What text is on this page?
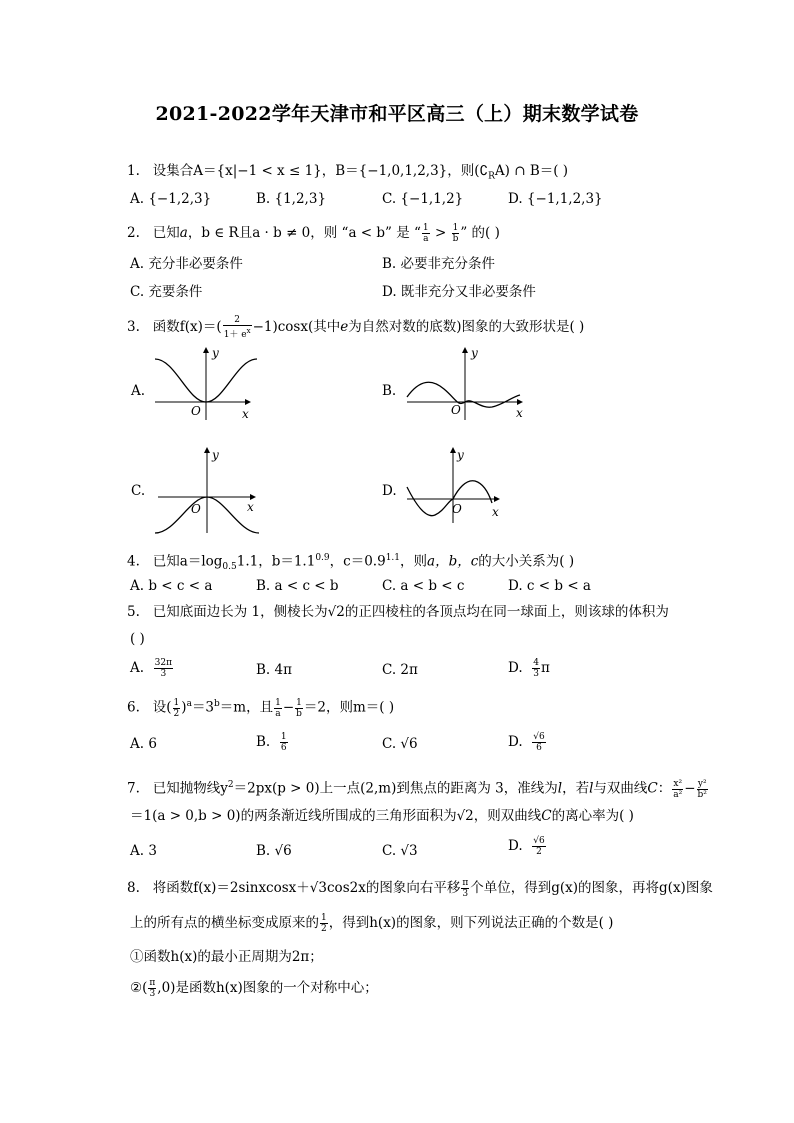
2021-2022学年天津市和平区高三（上）期末数学试卷
1. 设集合A＝{x|−1 < x ≤ 1}，B＝{−1,0,1,2,3}，则$(∁_RA)$ ∩ B＝( )
A. {−1,2,3}	B. {1,2,3}	C. {−1,1,2}	D. {−1,1,2,3}
2. 已知a，b ∈ R且a · b ≠ 0，则 “a < b” 是 “ $\frac{1}{a} > \frac{1}{b}$ ” 的( )
A. 充分非必要条件	B. 必要非充分条件
C. 充要条件	D. 既非充分又非必要条件
3. 函数$f(x)=( \frac{2}{1+ e^x} -1)\cos x$(其中e为自然对数的底数)图象的大致形状是( )
A.
y
x
O
B.
y
x
O
C.
y
x
O
D.
y
x
O
4. 已知$a=\log_{0.5}1.1$，$b=1.1^{0.9}$，$c=0.9^{1.1}$，则a，b，c的大小关系为( )
A. b < c < a	B. a < c < b	C. a < b < c	D. c < b < a
5. 已知底面边长为 1，侧棱长为√2的正四棱柱的各顶点均在同一球面上，则该球的体积为
( )
A. $\frac{32\pi}{3}$	B. 4π	C. 2π	D. $\frac{4}{3}$ π
6. 设( $\frac{1}{2} )^a=3^b=m$，且 $\frac{1}{a} - \frac{1}{b} =2$，则m＝( )
A. 6	B. $\frac{1}{6}$	C. √6	D. $\frac{√6}{6}$
7. 已知抛物线$y^2=2px(p > 0)$上一点(2,m)到焦点的距离为 3，准线为l，若l与双曲线C： $\frac{\text{x²}}{\text{a²}} - \frac{\text{y²}}{\text{b²}}$
＝1(a > 0,b > 0)的两条渐近线所围成的三角形面积为√2，则双曲线C的离心率为( )
A. 3	B. √6	C. √3	D. $\frac{√6}{2}$
8. 将函数f(x)＝2sinxcosx＋√3cos2x的图象向右平移 $\frac{\pi}{3}$ 个单位，得到g(x)的图象，再将g(x)图象
上的所有点的横坐标变成原来的 $\frac{1}{2}$ ，得到h(x)的图象，则下列说法正确的个数是( )
①函数h(x)的最小正周期为2π；
②( $\frac{\pi}{3} ,0$)是函数h(x)图象的一个对称中心；
